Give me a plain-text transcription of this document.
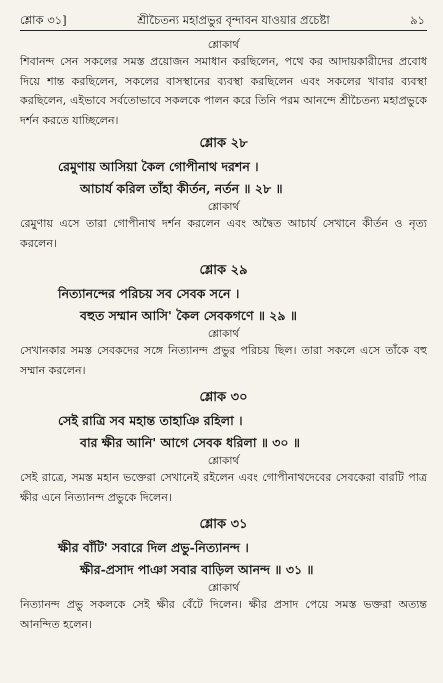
শ্লোক ৩১]	শ্রীচৈতন্য মহাপ্রভুর বৃন্দাবন যাওয়ার প্রচেষ্টা	৯১

শ্লোকার্থ

শিবানন্দ সেন সকলের সমস্ত প্রয়োজন সমাধান করছিলেন, পথে কর আদায়কারীদের প্রবোধ দিয়ে শান্ত করছিলেন, সকলের বাসস্থানের ব্যবস্থা করছিলেন এবং সকলের খাবার ব্যবস্থা করছিলেন, এইভাবে সর্বতোভাবে সকলকে পালন করে তিনি পরম আনন্দে শ্রীচৈতন্য মহাপ্রভুকে দর্শন করতে যাচ্ছিলেন।

শ্লোক ২৮

রেমুণায় আসিয়া কৈল গোপীনাথ দরশন ।

আচার্য করিল তাঁহা কীর্তন, নর্তন ॥ ২৮ ॥

শ্লোকার্থ

রেমুণায় এসে তারা গোপীনাথ দর্শন করলেন এবং অদ্বৈত আচার্য সেখানে কীর্তন ও নৃত্য করলেন।

শ্লোক ২৯

নিত্যানন্দের পরিচয় সব সেবক সনে ।

বহুত সম্মান আসি' কৈল সেবকগণে ॥ ২৯ ॥

শ্লোকার্থ

সেখানকার সমস্ত সেবকদের সঙ্গে নিত্যানন্দ প্রভুর পরিচয় ছিল। তারা সকলে এসে তাঁকে বহু সম্মান করলেন।

শ্লোক ৩০

সেই রাত্রি সব মহান্ত তাহাঞি রহিলা ।

বার ক্ষীর আনি' আগে সেবক ধরিলা ॥ ৩০ ॥

শ্লোকার্থ

সেই রাত্রে, সমস্ত মহান ভক্তেরা সেখানেই রইলেন এবং গোপীনাথদেবের সেবকেরা বারটি পাত্র ক্ষীর এনে নিত্যানন্দ প্রভুকে দিলেন।

শ্লোক ৩১

ক্ষীর বাঁটি' সবারে দিল প্রভু-নিত্যানন্দ ।

ক্ষীর-প্রসাদ পাঞা সবার বাড়িল আনন্দ ॥ ৩১ ॥

শ্লোকার্থ

নিত্যানন্দ প্রভু সকলকে সেই ক্ষীর বেঁটে দিলেন। ক্ষীর প্রসাদ পেয়ে সমস্ত ভক্তরা অত্যন্ত আনন্দিত হলেন।
